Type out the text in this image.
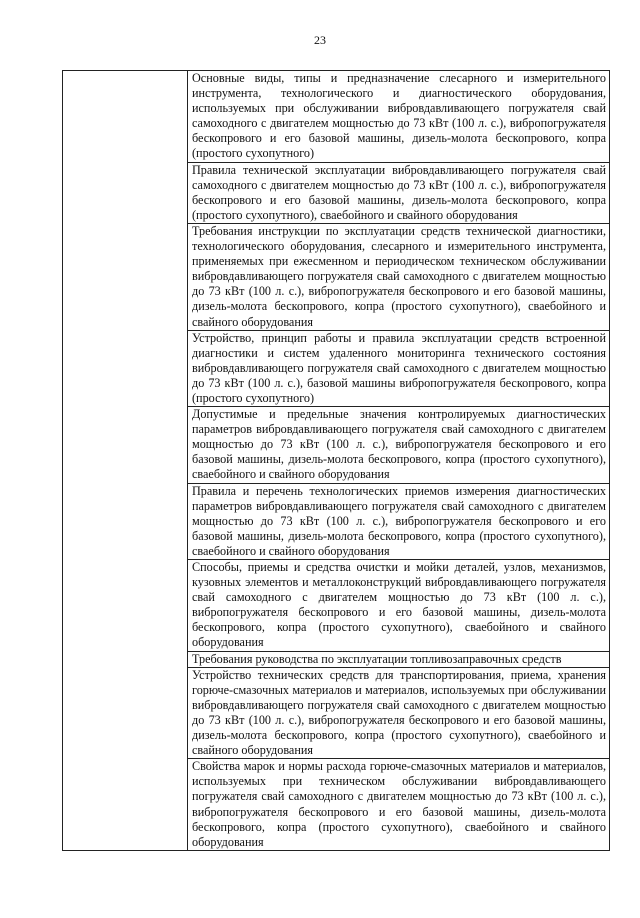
23
	Основные виды, типы и предназначение слесарного и измерительного инструмента, технологического и диагностического оборудования, используемых при обслуживании вибровдавливающего погружателя свай самоходного с двигателем мощностью до 73 кВт (100 л. с.), вибропогружателя бескопрового и его базовой машины, дизель-молота бескопрового, копра (простого сухопутного)
Правила технической эксплуатации вибровдавливающего погружателя свай самоходного с двигателем мощностью до 73 кВт (100 л. с.), вибропогружателя бескопрового и его базовой машины, дизель-молота бескопрового, копра (простого сухопутного), сваебойного и свайного оборудования
Требования инструкции по эксплуатации средств технической диагностики, технологического оборудования, слесарного и измерительного инструмента, применяемых при ежесменном и периодическом техническом обслуживании вибровдавливающего погружателя свай самоходного с двигателем мощностью до 73 кВт (100 л. с.), вибропогружателя бескопрового и его базовой машины, дизель-молота бескопрового, копра (простого сухопутного), сваебойного и свайного оборудования
Устройство, принцип работы и правила эксплуатации средств встроенной диагностики и систем удаленного мониторинга технического состояния вибровдавливающего погружателя свай самоходного с двигателем мощностью до 73 кВт (100 л. с.), базовой машины вибропогружателя бескопрового, копра (простого сухопутного)
Допустимые и предельные значения контролируемых диагностических параметров вибровдавливающего погружателя свай самоходного с двигателем мощностью до 73 кВт (100 л. с.), вибропогружателя бескопрового и его базовой машины, дизель-молота бескопрового, копра (простого сухопутного), сваебойного и свайного оборудования
Правила и перечень технологических приемов измерения диагностических параметров вибровдавливающего погружателя свай самоходного с двигателем мощностью до 73 кВт (100 л. с.), вибропогружателя бескопрового и его базовой машины, дизель-молота бескопрового, копра (простого сухопутного), сваебойного и свайного оборудования
Способы, приемы и средства очистки и мойки деталей, узлов, механизмов, кузовных элементов и металлоконструкций вибровдавливающего погружателя свай самоходного с двигателем мощностью до 73 кВт (100 л. с.), вибропогружателя бескопрового и его базовой машины, дизель-молота бескопрового, копра (простого сухопутного), сваебойного и свайного оборудования
Требования руководства по эксплуатации топливозаправочных средств
Устройство технических средств для транспортирования, приема, хранения горюче-смазочных материалов и материалов, используемых при обслуживании вибровдавливающего погружателя свай самоходного с двигателем мощностью до 73 кВт (100 л. с.), вибропогружателя бескопрового и его базовой машины, дизель-молота бескопрового, копра (простого сухопутного), сваебойного и свайного оборудования
Свойства марок и нормы расхода горюче-смазочных материалов и материалов, используемых при техническом обслуживании вибровдавливающего погружателя свай самоходного с двигателем мощностью до 73 кВт (100 л. с.), вибропогружателя бескопрового и его базовой машины, дизель-молота бескопрового, копра (простого сухопутного), сваебойного и свайного оборудования
